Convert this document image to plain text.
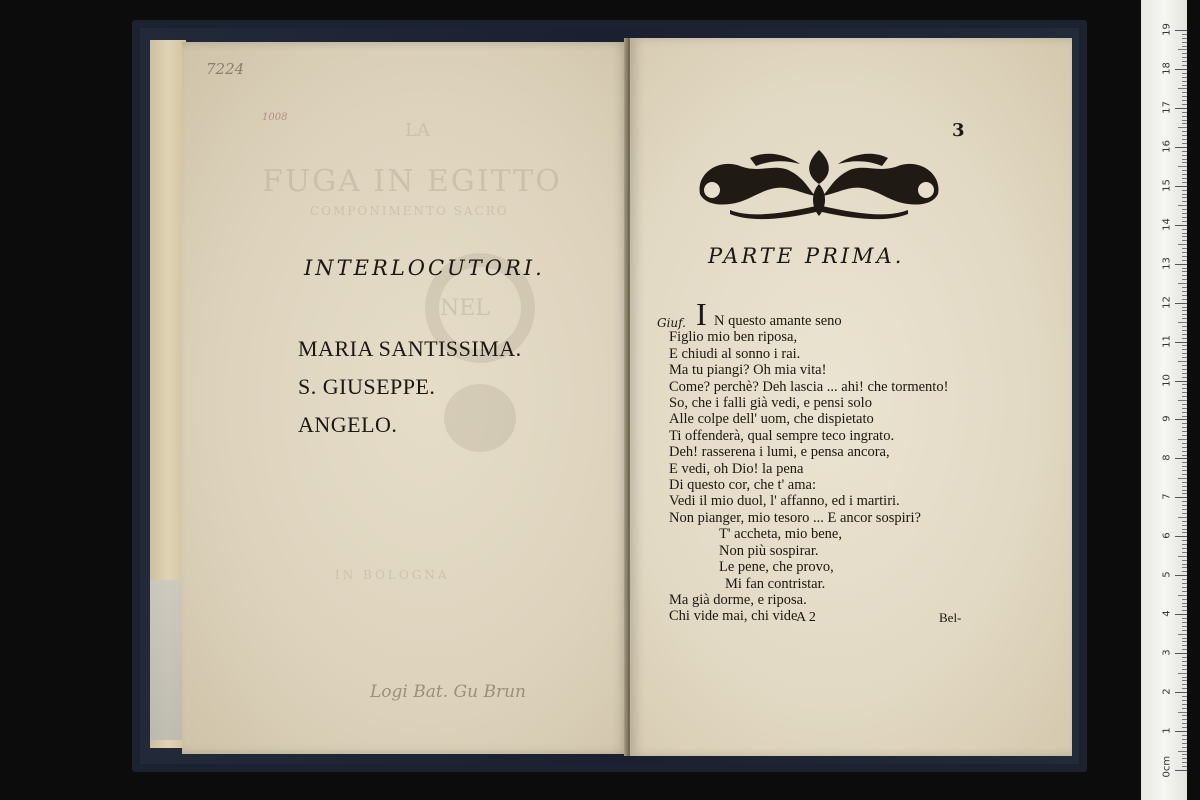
7224
1008
LA
FUGA IN EGITTO
COMPONIMENTO SACRO
NEL
IN BOLOGNA
INTERLOCUTORI.
MARIA SANTISSIMA.
S. GIUSEPPE.
ANGELO.
Logi Bat. Gu Brun
3
PARTE PRIMA.
Giuf. I N questo amante seno
Figlio mio ben riposa,
E chiudi al sonno i rai.
Ma tu piangi? Oh mia vita!
Come? perchè? Deh lascia ... ahi! che tormento!
So, che i falli già vedi, e pensi solo
Alle colpe dell' uom, che dispietato
Ti offenderà, qual sempre teco ingrato.
Deh! rasserena i lumi, e pensa ancora,
E vedi, oh Dio! la pena
Di questo cor, che t' ama:
Vedi il mio duol, l' affanno, ed i martiri.
Non pianger, mio tesoro ... E ancor sospiri?
T' accheta, mio bene,
Non più sospirar.
Le pene, che provo,
Mi fan contristar.
Ma già dorme, e riposa.
Chi vide mai, chi vide
A 2	Bel-
19
18
17
16
15
14
13
12
11
10
9
8
7
6
5
4
3
2
1
0cm
